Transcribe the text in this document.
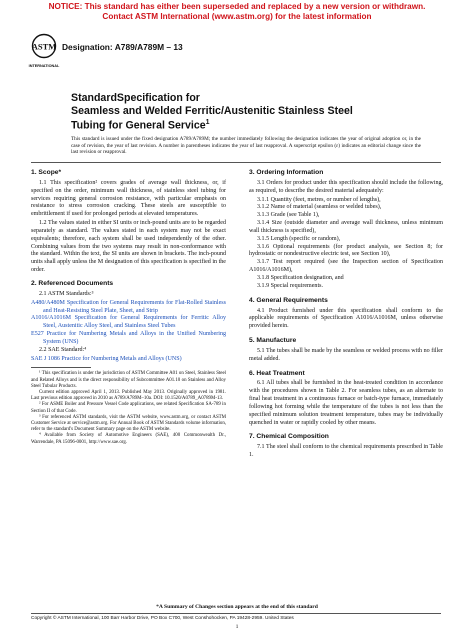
NOTICE: This standard has either been superseded and replaced by a new version or withdrawn.
Contact ASTM International (www.astm.org) for the latest information
ASTM
INTERNATIONAL
Designation: A789/A789M – 13
StandardSpecification for
Seamless and Welded Ferritic/Austenitic Stainless Steel
Tubing for General Service$^1$
This standard is issued under the fixed designation A789/A789M; the number immediately following the designation indicates the year of original adoption or, in the case of revision, the year of last revision. A number in parentheses indicates the year of last reapproval. A superscript epsilon (ε) indicates an editorial change since the last revision or reapproval.
1. Scope*
1.1 This specification² covers grades of average wall thickness, or, if specified on the order, minimum wall thickness, of stainless steel tubing for services requiring general corrosion resistance, with particular emphasis on resistance to stress corrosion cracking. These steels are susceptible to embrittlement if used for prolonged periods at elevated temperatures.
1.2 The values stated in either SI units or inch-pound units are to be regarded separately as standard. The values stated in each system may not be exact equivalents; therefore, each system shall be used independently of the other. Combining values from the two systems may result in non-conformance with the standard. Within the text, the SI units are shown in brackets. The inch-pound units shall apply unless the M designation of this specification is specified in the order.
2. Referenced Documents
2.1 ASTM Standards:³
A480/A480M Specification for General Requirements for Flat-Rolled Stainless and Heat-Resisting Steel Plate, Sheet, and Strip
A1016/A1016M Specification for General Requirements for Ferritic Alloy Steel, Austenitic Alloy Steel, and Stainless Steel Tubes
E527 Practice for Numbering Metals and Alloys in the Unified Numbering System (UNS)
2.2 SAE Standard:⁴
SAE J 1086 Practice for Numbering Metals and Alloys (UNS)
¹ This specification is under the jurisdiction of ASTM Committee A01 on Steel, Stainless Steel and Related Alloys and is the direct responsibility of Subcommittee A01.10 on Stainless and Alloy Steel Tubular Products.
Current edition approved April 1, 2013. Published May 2013. Originally approved in 1981. Last previous edition approved in 2010 as A789/A789M–10a. DOI: 10.1520/A0789_A0789M-13.
² For ASME Boiler and Pressure Vessel Code applications, see related Specification SA-789 in Section II of that Code.
³ For referenced ASTM standards, visit the ASTM website, www.astm.org, or contact ASTM Customer Service at service@astm.org. For Annual Book of ASTM Standards volume information, refer to the standard's Document Summary page on the ASTM website.
⁴ Available from Society of Automotive Engineers (SAE), 400 Commonwealth Dr., Warrendale, PA 15096-0001, http://www.sae.org.
3. Ordering Information
3.1 Orders for product under this specification should include the following, as required, to describe the desired material adequately:
3.1.1 Quantity (feet, metres, or number of lengths),
3.1.2 Name of material (seamless or welded tubes),
3.1.3 Grade (see Table 1),
3.1.4 Size (outside diameter and average wall thickness, unless minimum wall thickness is specified),
3.1.5 Length (specific or random),
3.1.6 Optional requirements (for product analysis, see Section 8; for hydrostatic or nondestructive electric test, see Section 10),
3.1.7 Test report required (see the Inspection section of Specification A1016/A1016M),
3.1.8 Specification designation, and
3.1.9 Special requirements.
4. General Requirements
4.1 Product furnished under this specification shall conform to the applicable requirements of Specification A1016/A1016M, unless otherwise provided herein.
5. Manufacture
5.1 The tubes shall be made by the seamless or welded process with no filler metal added.
6. Heat Treatment
6.1 All tubes shall be furnished in the heat-treated condition in accordance with the procedures shown in Table 2. For seamless tubes, as an alternate to final heat treatment in a continuous furnace or batch-type furnace, immediately following hot forming while the temperature of the tubes is not less than the specified minimum solution treatment temperature, tubes may be individually quenched in water or rapidly cooled by other means.
7. Chemical Composition
7.1 The steel shall conform to the chemical requirements prescribed in Table 1.
*A Summary of Changes section appears at the end of this standard
Copyright © ASTM International, 100 Barr Harbor Drive, PO Box C700, West Conshohocken, PA 19428-2959. United States
1
